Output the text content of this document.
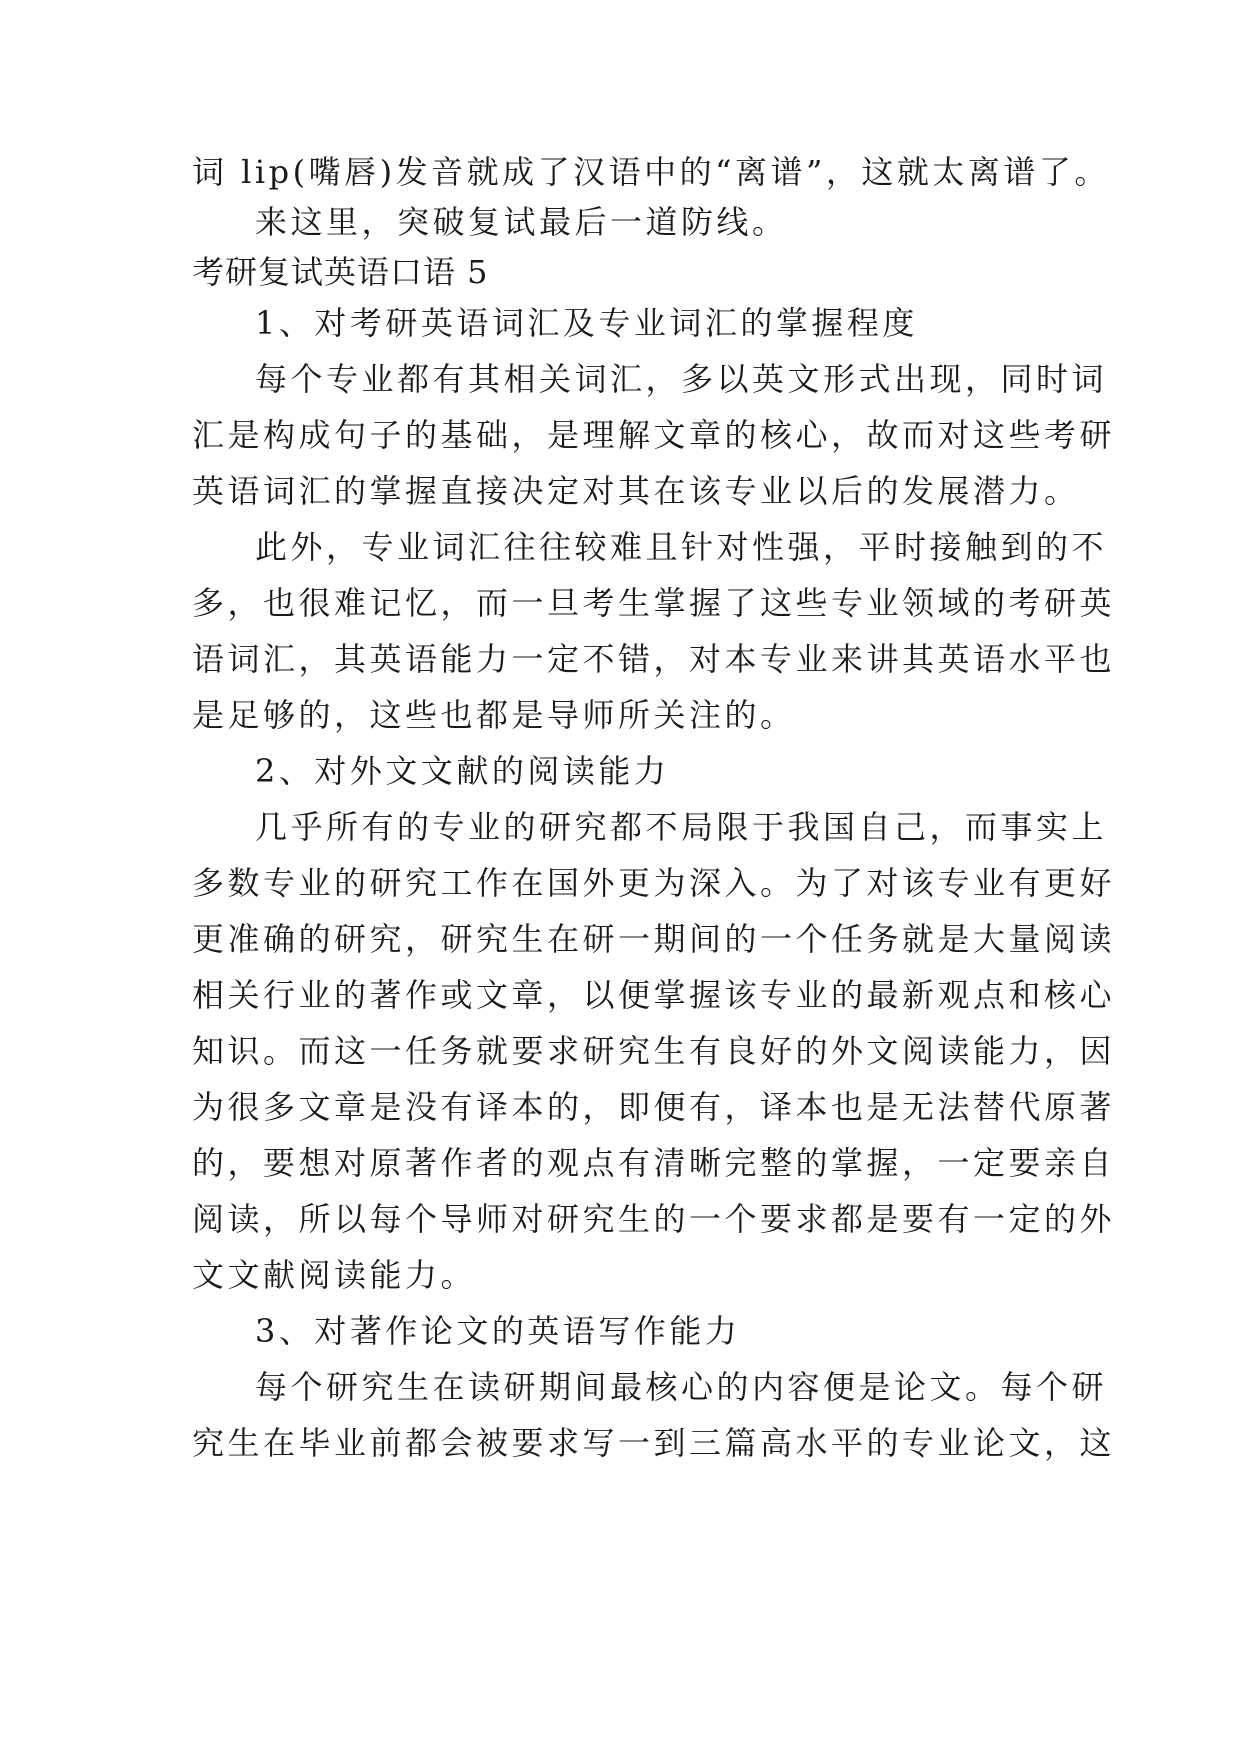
词 lip(嘴唇)发音就成了汉语中的“离谱”，这就太离谱了。
来这里，突破复试最后一道防线。
考研复试英语口语 5
1、对考研英语词汇及专业词汇的掌握程度
每个专业都有其相关词汇，多以英文形式出现，同时词
汇是构成句子的基础，是理解文章的核心，故而对这些考研
英语词汇的掌握直接决定对其在该专业以后的发展潜力。
此外，专业词汇往往较难且针对性强，平时接触到的不
多，也很难记忆，而一旦考生掌握了这些专业领域的考研英
语词汇，其英语能力一定不错，对本专业来讲其英语水平也
是足够的，这些也都是导师所关注的。
2、对外文文献的阅读能力
几乎所有的专业的研究都不局限于我国自己，而事实上
多数专业的研究工作在国外更为深入。为了对该专业有更好
更准确的研究，研究生在研一期间的一个任务就是大量阅读
相关行业的著作或文章，以便掌握该专业的最新观点和核心
知识。而这一任务就要求研究生有良好的外文阅读能力，因
为很多文章是没有译本的，即便有，译本也是无法替代原著
的，要想对原著作者的观点有清晰完整的掌握，一定要亲自
阅读，所以每个导师对研究生的一个要求都是要有一定的外
文文献阅读能力。
3、对著作论文的英语写作能力
每个研究生在读研期间最核心的内容便是论文。每个研
究生在毕业前都会被要求写一到三篇高水平的专业论文，这
